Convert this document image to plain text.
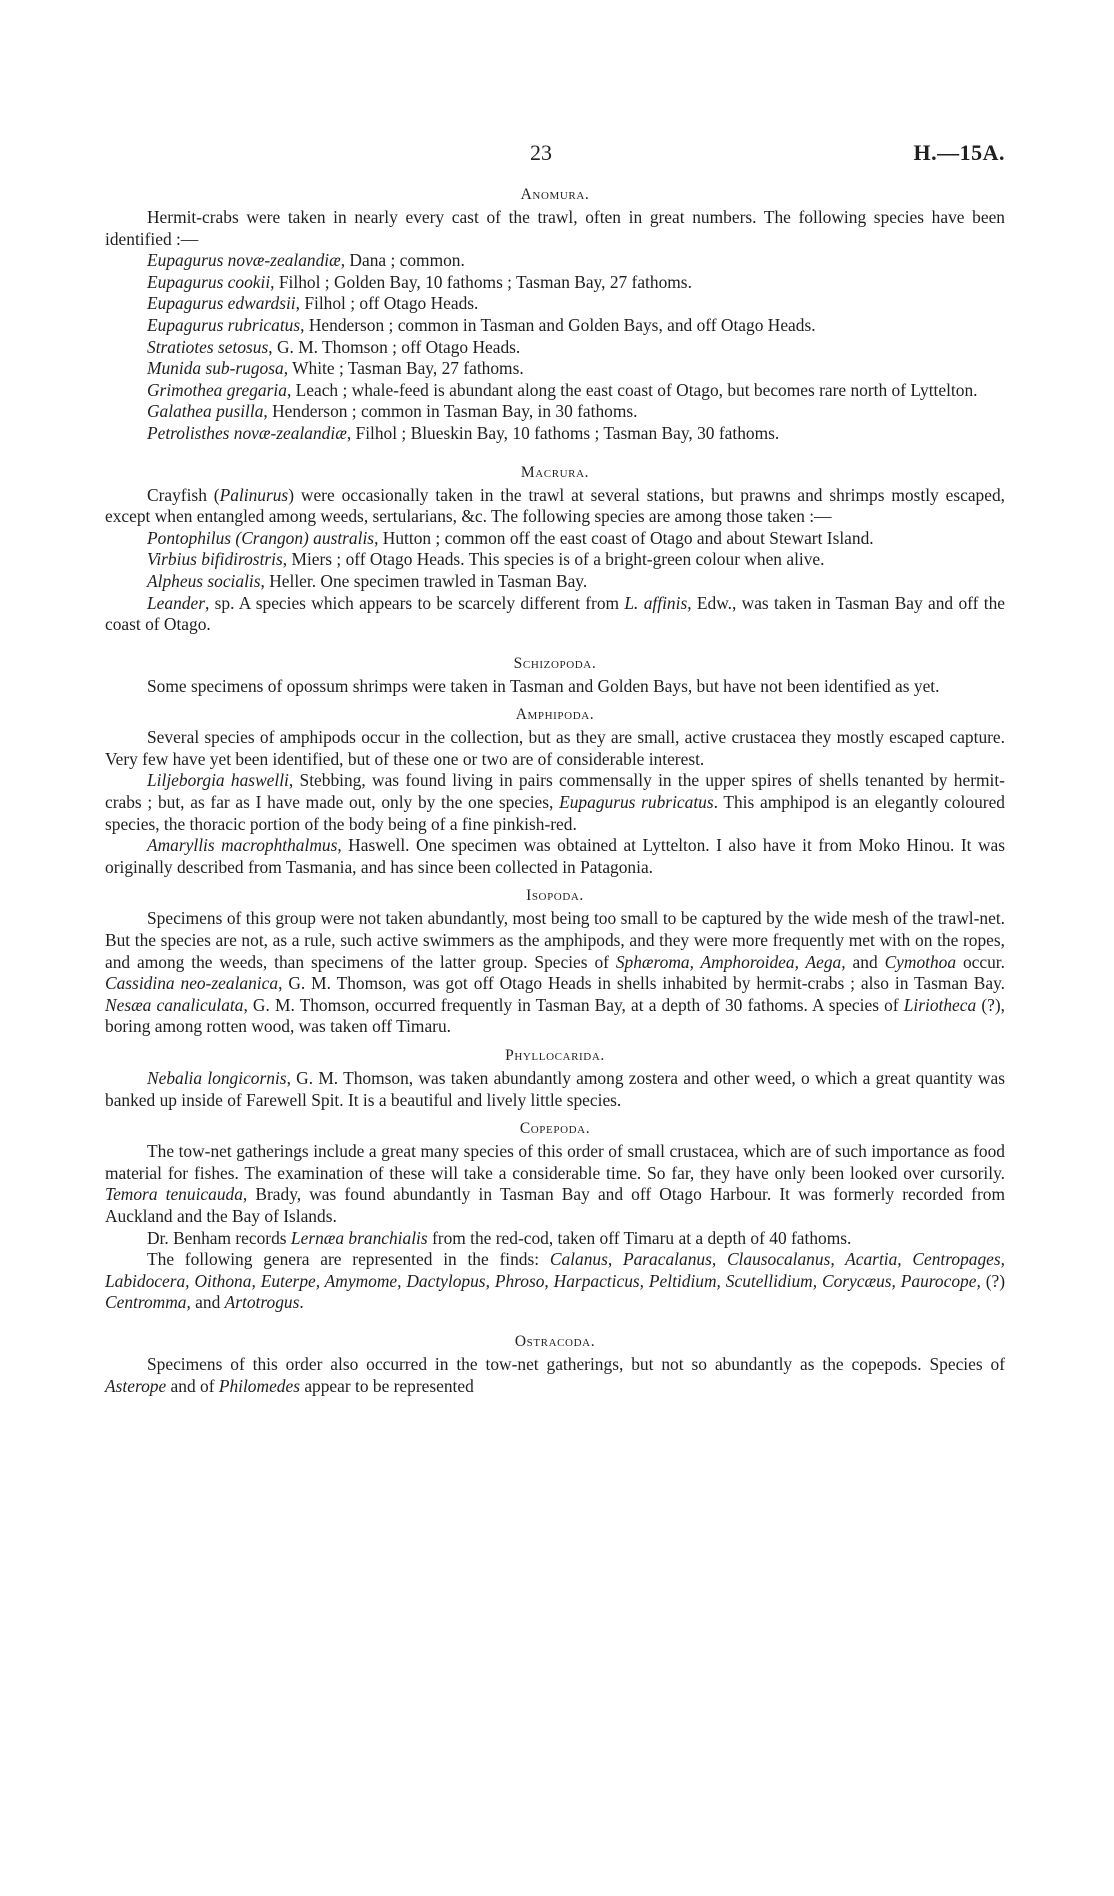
23	H.—15A.
Anomura.

Hermit-crabs were taken in nearly every cast of the trawl, often in great numbers. The following species have been identified :—

Eupagurus novæ-zealandiæ, Dana ; common.

Eupagurus cookii, Filhol ; Golden Bay, 10 fathoms ; Tasman Bay, 27 fathoms.

Eupagurus edwardsii, Filhol ; off Otago Heads.

Eupagurus rubricatus, Henderson ; common in Tasman and Golden Bays, and off Otago Heads.

Stratiotes setosus, G. M. Thomson ; off Otago Heads.

Munida sub-rugosa, White ; Tasman Bay, 27 fathoms.

Grimothea gregaria, Leach ; whale-feed is abundant along the east coast of Otago, but becomes rare north of Lyttelton.

Galathea pusilla, Henderson ; common in Tasman Bay, in 30 fathoms.

Petrolisthes novæ-zealandiæ, Filhol ; Blueskin Bay, 10 fathoms ; Tasman Bay, 30 fathoms.

Macrura.

Crayfish (Palinurus) were occasionally taken in the trawl at several stations, but prawns and shrimps mostly escaped, except when entangled among weeds, sertularians, &c. The following species are among those taken :—

Pontophilus (Crangon) australis, Hutton ; common off the east coast of Otago and about Stewart Island.

Virbius bifidirostris, Miers ; off Otago Heads. This species is of a bright-green colour when alive.

Alpheus socialis, Heller. One specimen trawled in Tasman Bay.

Leander, sp. A species which appears to be scarcely different from L. affinis, Edw., was taken in Tasman Bay and off the coast of Otago.

Schizopoda.

Some specimens of opossum shrimps were taken in Tasman and Golden Bays, but have not been identified as yet.

Amphipoda.

Several species of amphipods occur in the collection, but as they are small, active crustacea they mostly escaped capture. Very few have yet been identified, but of these one or two are of considerable interest.

Liljeborgia haswelli, Stebbing, was found living in pairs commensally in the upper spires of shells tenanted by hermit-crabs ; but, as far as I have made out, only by the one species, Eupagurus rubricatus. This amphipod is an elegantly coloured species, the thoracic portion of the body being of a fine pinkish-red.

Amaryllis macrophthalmus, Haswell. One specimen was obtained at Lyttelton. I also have it from Moko Hinou. It was originally described from Tasmania, and has since been collected in Patagonia.

Isopoda.

Specimens of this group were not taken abundantly, most being too small to be captured by the wide mesh of the trawl-net. But the species are not, as a rule, such active swimmers as the amphipods, and they were more frequently met with on the ropes, and among the weeds, than specimens of the latter group. Species of Sphæroma, Amphoroidea, Aega, and Cymothoa occur. Cassidina neo-zealanica, G. M. Thomson, was got off Otago Heads in shells inhabited by hermit-crabs ; also in Tasman Bay. Nesæa canaliculata, G. M. Thomson, occurred frequently in Tasman Bay, at a depth of 30 fathoms. A species of Liriotheca (?), boring among rotten wood, was taken off Timaru.

Phyllocarida.

Nebalia longicornis, G. M. Thomson, was taken abundantly among zostera and other weed, o which a great quantity was banked up inside of Farewell Spit. It is a beautiful and lively little species.

Copepoda.

The tow-net gatherings include a great many species of this order of small crustacea, which are of such importance as food material for fishes. The examination of these will take a considerable time. So far, they have only been looked over cursorily. Temora tenuicauda, Brady, was found abundantly in Tasman Bay and off Otago Harbour. It was formerly recorded from Auckland and the Bay of Islands.

Dr. Benham records Lernæa branchialis from the red-cod, taken off Timaru at a depth of 40 fathoms.

The following genera are represented in the finds: Calanus, Paracalanus, Clausocalanus, Acartia, Centropages, Labidocera, Oithona, Euterpe, Amymome, Dactylopus, Phroso, Harpacticus, Peltidium, Scutellidium, Corycæus, Paurocope, (?) Centromma, and Artotrogus.

Ostracoda.

Specimens of this order also occurred in the tow-net gatherings, but not so abundantly as the copepods. Species of Asterope and of Philomedes appear to be represented
